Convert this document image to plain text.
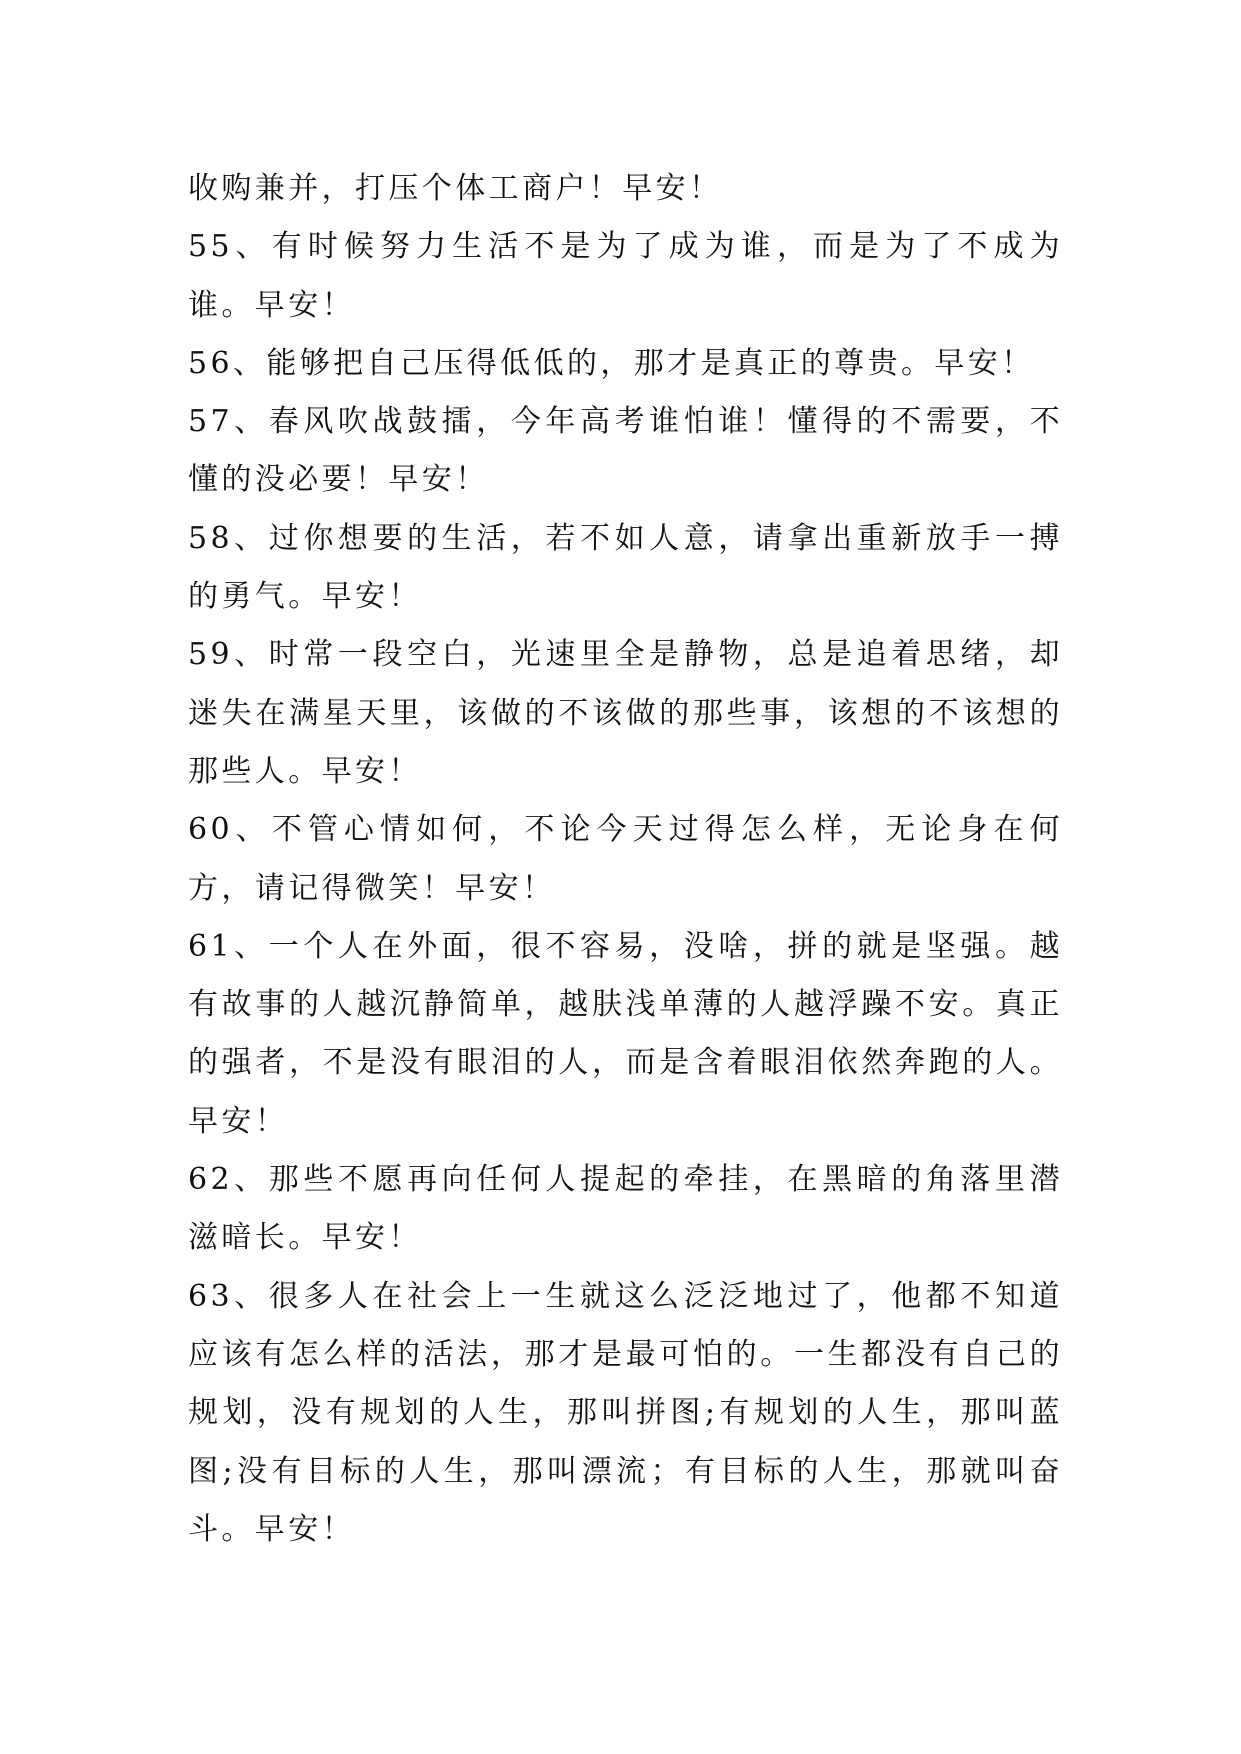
收购兼并，打压个体工商户！早安！

55、有时候努力生活不是为了成为谁，而是为了不成为谁。早安！

56、能够把自己压得低低的，那才是真正的尊贵。早安！

57、春风吹战鼓擂，今年高考谁怕谁！懂得的不需要，不懂的没必要！早安！

58、过你想要的生活，若不如人意，请拿出重新放手一搏的勇气。早安！

59、时常一段空白，光速里全是静物，总是追着思绪，却迷失在满星天里，该做的不该做的那些事，该想的不该想的那些人。早安！

60、不管心情如何，不论今天过得怎么样，无论身在何方，请记得微笑！早安！

61、一个人在外面，很不容易，没啥，拼的就是坚强。越有故事的人越沉静简单，越肤浅单薄的人越浮躁不安。真正的强者，不是没有眼泪的人，而是含着眼泪依然奔跑的人。早安！

62、那些不愿再向任何人提起的牵挂，在黑暗的角落里潜滋暗长。早安！

63、很多人在社会上一生就这么泛泛地过了，他都不知道应该有怎么样的活法，那才是最可怕的。一生都没有自己的规划，没有规划的人生，那叫拼图;有规划的人生，那叫蓝图;没有目标的人生，那叫漂流；有目标的人生，那就叫奋斗。早安！
